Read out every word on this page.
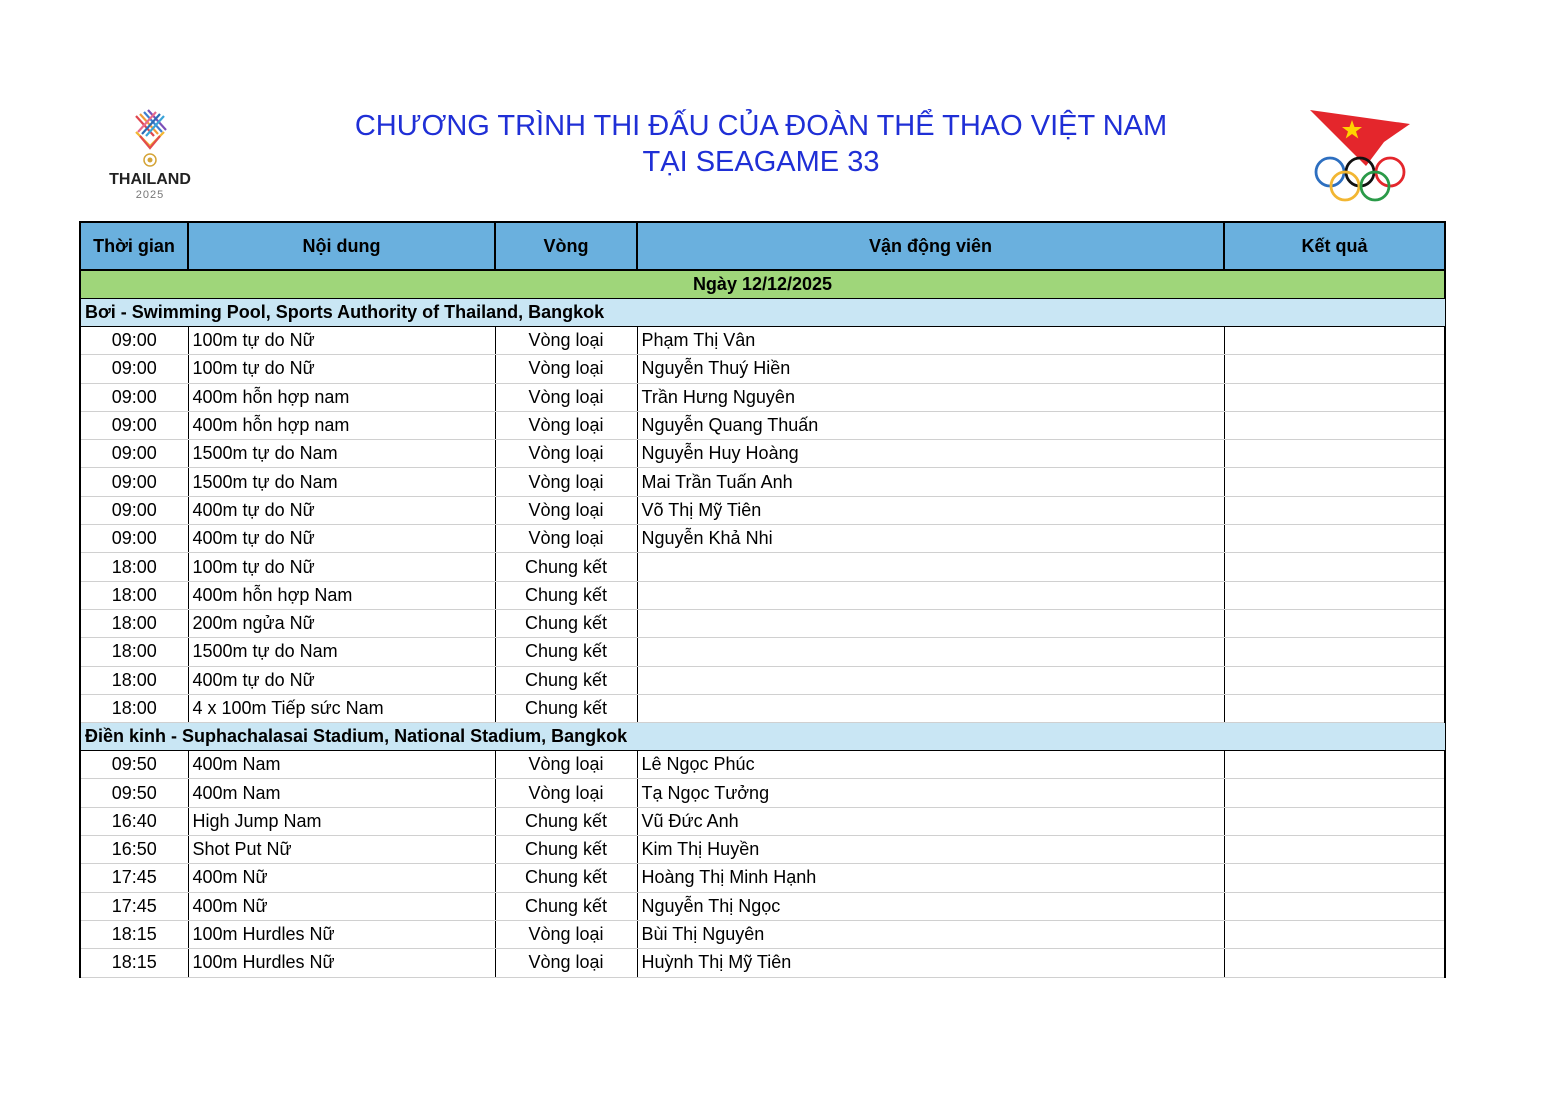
THAILAND
2025
CHƯƠNG TRÌNH THI ĐẤU CỦA ĐOÀN THỂ THAO VIỆT NAM
TẠI SEAGAME 33
Thời gian	Nội dung	Vòng	Vận động viên	Kết quả
Ngày 12/12/2025				
Bơi - Swimming Pool, Sports Authority of Thailand, Bangkok				
09:00	100m tự do Nữ	Vòng loại	Phạm Thị Vân	
09:00	100m tự do Nữ	Vòng loại	Nguyễn Thuý Hiền	
09:00	400m hỗn hợp nam	Vòng loại	Trần Hưng Nguyên	
09:00	400m hỗn hợp nam	Vòng loại	Nguyễn Quang Thuấn	
09:00	1500m tự do Nam	Vòng loại	Nguyễn Huy Hoàng	
09:00	1500m tự do Nam	Vòng loại	Mai Trần Tuấn Anh	
09:00	400m tự do Nữ	Vòng loại	Võ Thị Mỹ Tiên	
09:00	400m tự do Nữ	Vòng loại	Nguyễn Khả Nhi	
18:00	100m tự do Nữ	Chung kết		
18:00	400m hỗn hợp Nam	Chung kết		
18:00	200m ngửa Nữ	Chung kết		
18:00	1500m tự do Nam	Chung kết		
18:00	400m tự do Nữ	Chung kết		
18:00	4 x 100m Tiếp sức Nam	Chung kết		
Điền kinh - Suphachalasai Stadium, National Stadium, Bangkok				
09:50	400m Nam	Vòng loại	Lê Ngọc Phúc	
09:50	400m Nam	Vòng loại	Tạ Ngọc Tưởng	
16:40	High Jump Nam	Chung kết	Vũ Đức Anh	
16:50	Shot Put Nữ	Chung kết	Kim Thị Huyền	
17:45	400m Nữ	Chung kết	Hoàng Thị Minh Hạnh	
17:45	400m Nữ	Chung kết	Nguyễn Thị Ngọc	
18:15	100m Hurdles Nữ	Vòng loại	Bùi Thị Nguyên	
18:15	100m Hurdles Nữ	Vòng loại	Huỳnh Thị Mỹ Tiên	
